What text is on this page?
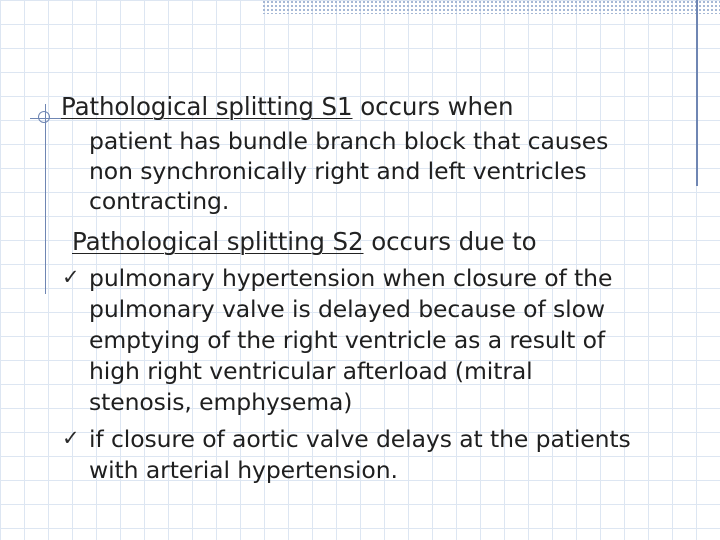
Pathological splitting S1 occurs when
patient has bundle branch block that causes
non synchronically right and left ventricles
contracting.
Pathological splitting S2 occurs due to
✓ pulmonary hypertension when closure of the
pulmonary valve is delayed because of slow
emptying of the right ventricle as a result of
high right ventricular afterload (mitral
stenosis, emphysema)
✓ if closure of aortic valve delays at the patients
with arterial hypertension.
